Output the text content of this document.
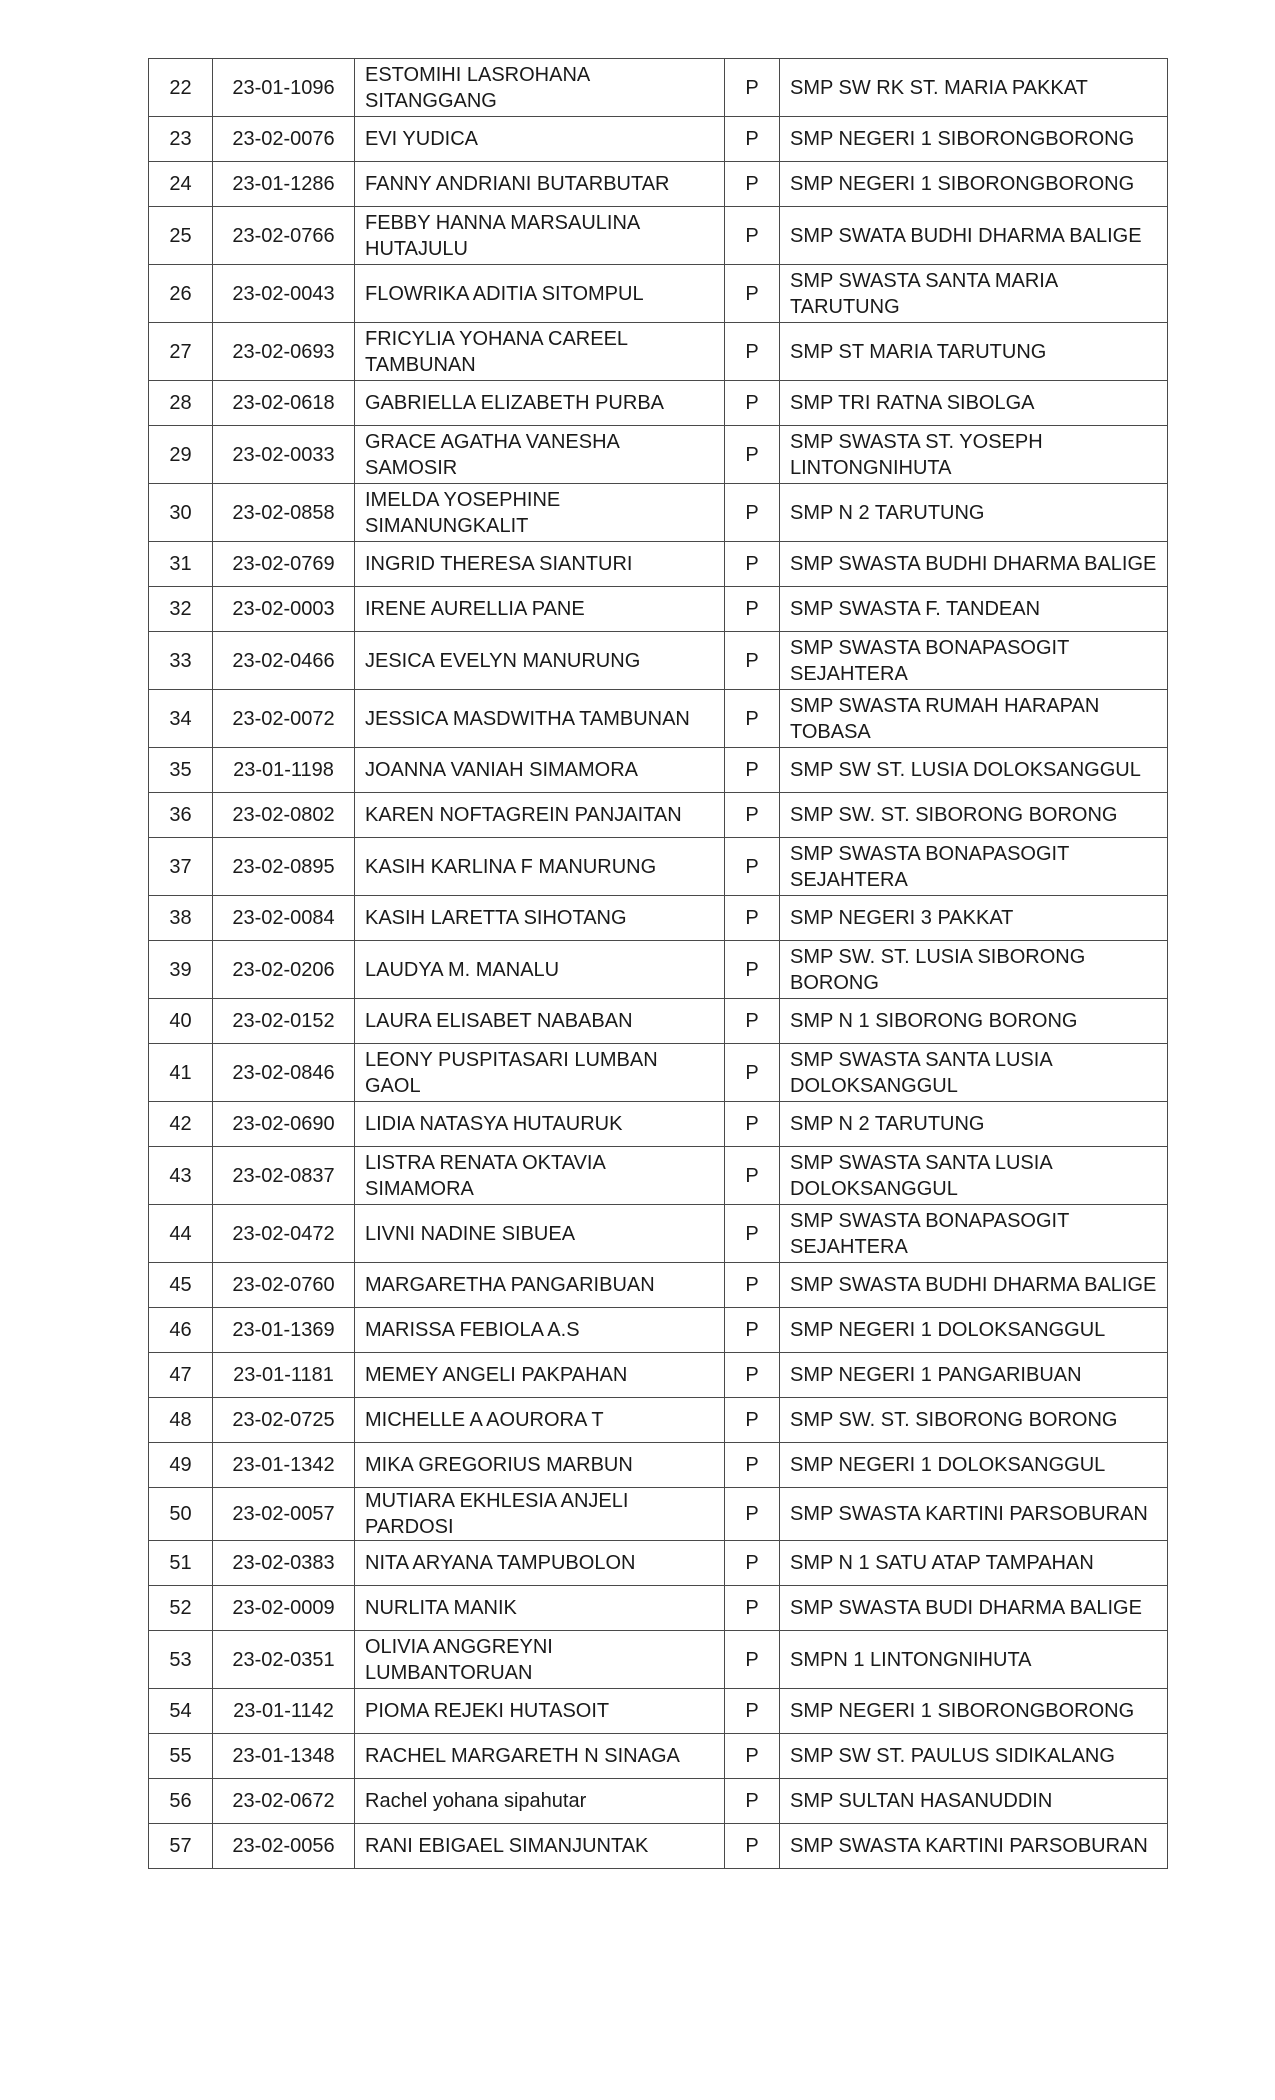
22	23-01-1096	ESTOMIHI LASROHANA SITANGGANG	P	SMP SW RK ST. MARIA PAKKAT
23	23-02-0076	EVI YUDICA	P	SMP NEGERI 1 SIBORONGBORONG
24	23-01-1286	FANNY ANDRIANI BUTARBUTAR	P	SMP NEGERI 1 SIBORONGBORONG
25	23-02-0766	FEBBY HANNA MARSAULINA HUTAJULU	P	SMP SWATA BUDHI DHARMA BALIGE
26	23-02-0043	FLOWRIKA ADITIA SITOMPUL	P	SMP SWASTA SANTA MARIA TARUTUNG
27	23-02-0693	FRICYLIA YOHANA CAREEL TAMBUNAN	P	SMP ST MARIA TARUTUNG
28	23-02-0618	GABRIELLA ELIZABETH PURBA	P	SMP TRI RATNA SIBOLGA
29	23-02-0033	GRACE AGATHA VANESHA SAMOSIR	P	SMP SWASTA ST. YOSEPH LINTONGNIHUTA
30	23-02-0858	IMELDA YOSEPHINE SIMANUNGKALIT	P	SMP N 2 TARUTUNG
31	23-02-0769	INGRID THERESA SIANTURI	P	SMP SWASTA BUDHI DHARMA BALIGE
32	23-02-0003	IRENE AURELLIA PANE	P	SMP SWASTA F. TANDEAN
33	23-02-0466	JESICA EVELYN MANURUNG	P	SMP SWASTA BONAPASOGIT SEJAHTERA
34	23-02-0072	JESSICA MASDWITHA TAMBUNAN	P	SMP SWASTA RUMAH HARAPAN TOBASA
35	23-01-1198	JOANNA VANIAH SIMAMORA	P	SMP SW ST. LUSIA DOLOKSANGGUL
36	23-02-0802	KAREN NOFTAGREIN PANJAITAN	P	SMP SW. ST. SIBORONG BORONG
37	23-02-0895	KASIH KARLINA F MANURUNG	P	SMP SWASTA BONAPASOGIT SEJAHTERA
38	23-02-0084	KASIH LARETTA SIHOTANG	P	SMP NEGERI 3 PAKKAT
39	23-02-0206	LAUDYA M. MANALU	P	SMP SW. ST. LUSIA SIBORONG BORONG
40	23-02-0152	LAURA ELISABET NABABAN	P	SMP N 1 SIBORONG BORONG
41	23-02-0846	LEONY PUSPITASARI LUMBAN GAOL	P	SMP SWASTA SANTA LUSIA DOLOKSANGGUL
42	23-02-0690	LIDIA NATASYA HUTAURUK	P	SMP N 2 TARUTUNG
43	23-02-0837	LISTRA RENATA OKTAVIA SIMAMORA	P	SMP SWASTA SANTA LUSIA DOLOKSANGGUL
44	23-02-0472	LIVNI NADINE SIBUEA	P	SMP SWASTA BONAPASOGIT SEJAHTERA
45	23-02-0760	MARGARETHA PANGARIBUAN	P	SMP SWASTA BUDHI DHARMA BALIGE
46	23-01-1369	MARISSA FEBIOLA A.S	P	SMP NEGERI 1 DOLOKSANGGUL
47	23-01-1181	MEMEY ANGELI PAKPAHAN	P	SMP NEGERI 1 PANGARIBUAN
48	23-02-0725	MICHELLE A AOURORA T	P	SMP SW. ST. SIBORONG BORONG
49	23-01-1342	MIKA GREGORIUS MARBUN	P	SMP NEGERI 1 DOLOKSANGGUL
50	23-02-0057	MUTIARA EKHLESIA ANJELI PARDOSI	P	SMP SWASTA KARTINI PARSOBURAN
51	23-02-0383	NITA ARYANA TAMPUBOLON	P	SMP N 1 SATU ATAP TAMPAHAN
52	23-02-0009	NURLITA MANIK	P	SMP SWASTA BUDI DHARMA BALIGE
53	23-02-0351	OLIVIA ANGGREYNI LUMBANTORUAN	P	SMPN 1 LINTONGNIHUTA
54	23-01-1142	PIOMA REJEKI HUTASOIT	P	SMP NEGERI 1 SIBORONGBORONG
55	23-01-1348	RACHEL MARGARETH N SINAGA	P	SMP SW ST. PAULUS SIDIKALANG
56	23-02-0672	Rachel yohana sipahutar	P	SMP SULTAN HASANUDDIN
57	23-02-0056	RANI EBIGAEL SIMANJUNTAK	P	SMP SWASTA KARTINI PARSOBURAN
